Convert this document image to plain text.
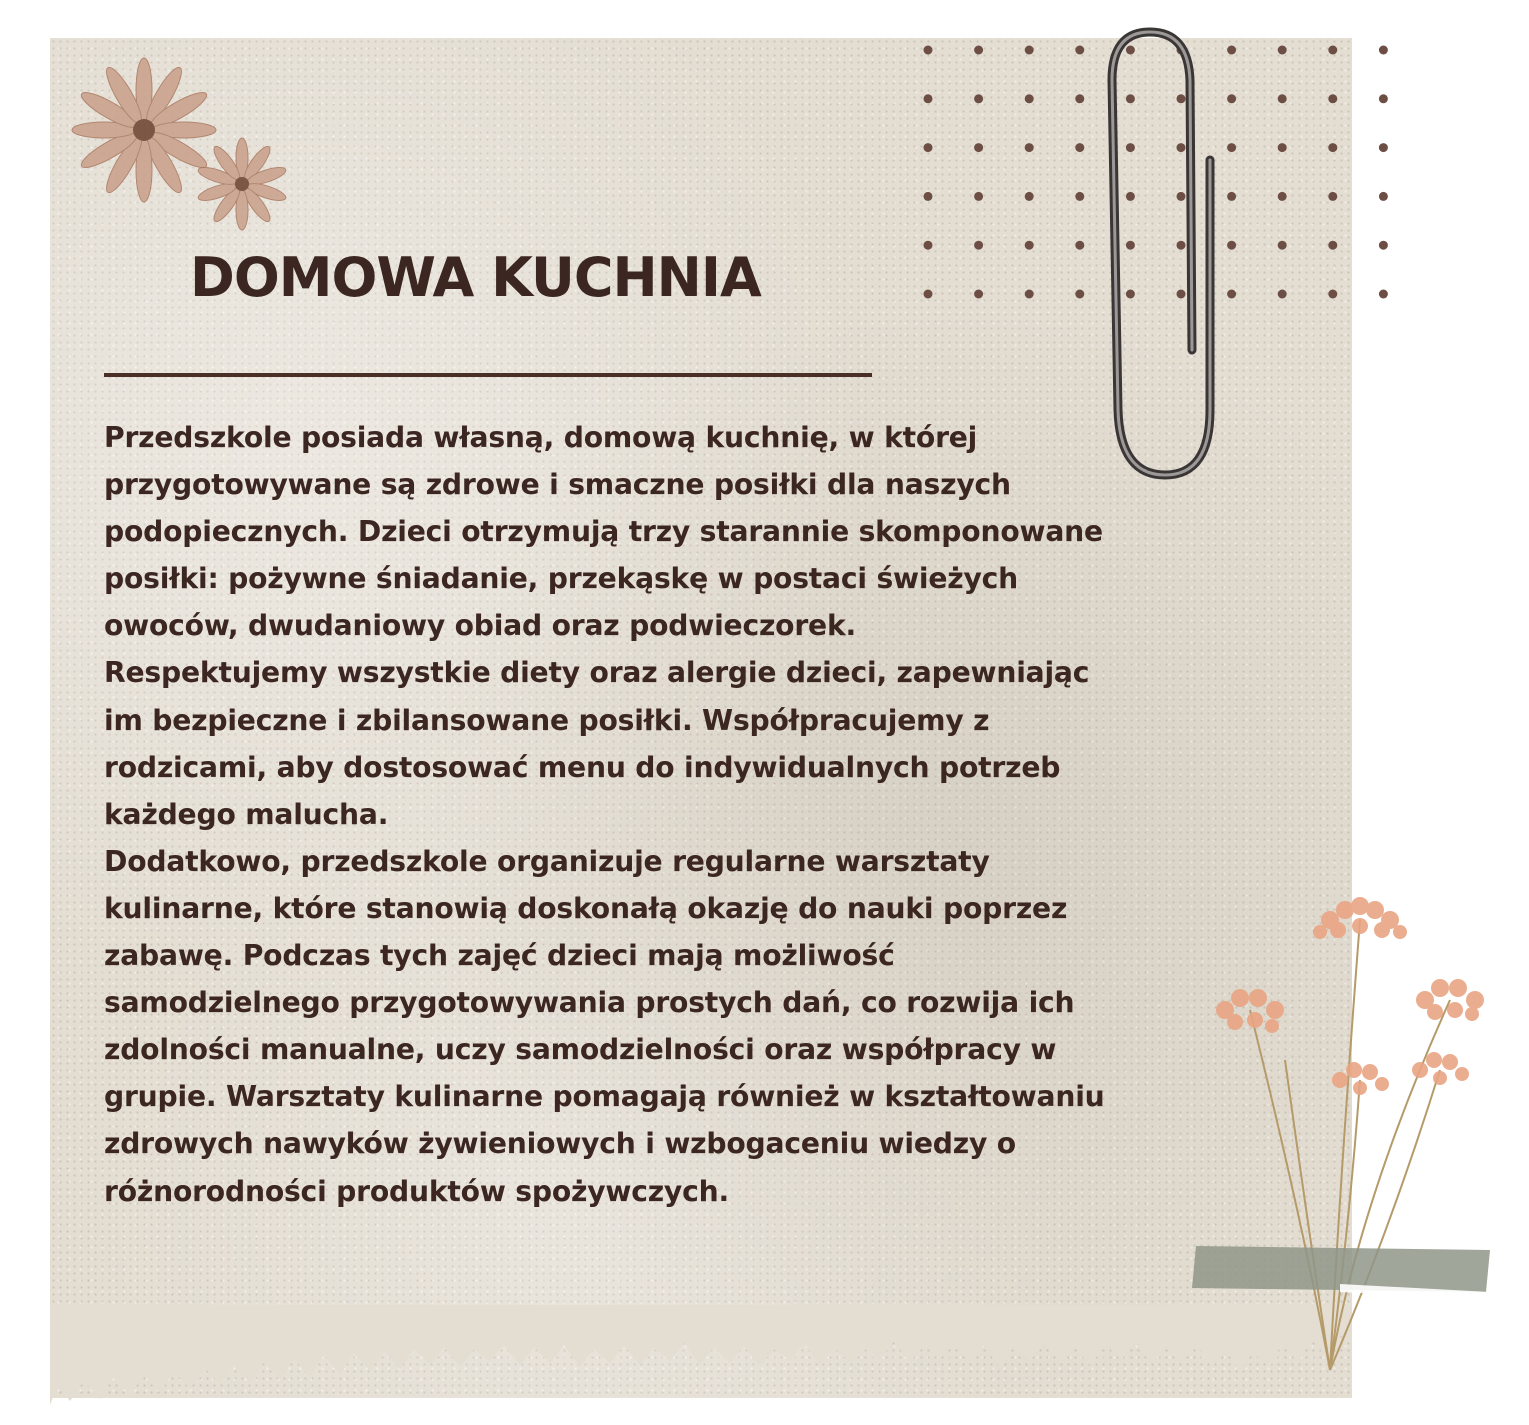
DOMOWA KUCHNIA
Przedszkole posiada własną, domową kuchnię, w której
przygotowywane są zdrowe i smaczne posiłki dla naszych
podopiecznych. Dzieci otrzymują trzy starannie skomponowane
posiłki: pożywne śniadanie, przekąskę w postaci świeżych
owoców, dwudaniowy obiad oraz podwieczorek.
Respektujemy wszystkie diety oraz alergie dzieci, zapewniając
im bezpieczne i zbilansowane posiłki. Współpracujemy z
rodzicami, aby dostosować menu do indywidualnych potrzeb
każdego malucha.
Dodatkowo, przedszkole organizuje regularne warsztaty
kulinarne, które stanowią doskonałą okazję do nauki poprzez
zabawę. Podczas tych zajęć dzieci mają możliwość
samodzielnego przygotowywania prostych dań, co rozwija ich
zdolności manualne, uczy samodzielności oraz współpracy w
grupie. Warsztaty kulinarne pomagają również w kształtowaniu
zdrowych nawyków żywieniowych i wzbogaceniu wiedzy o
różnorodności produktów spożywczych.
